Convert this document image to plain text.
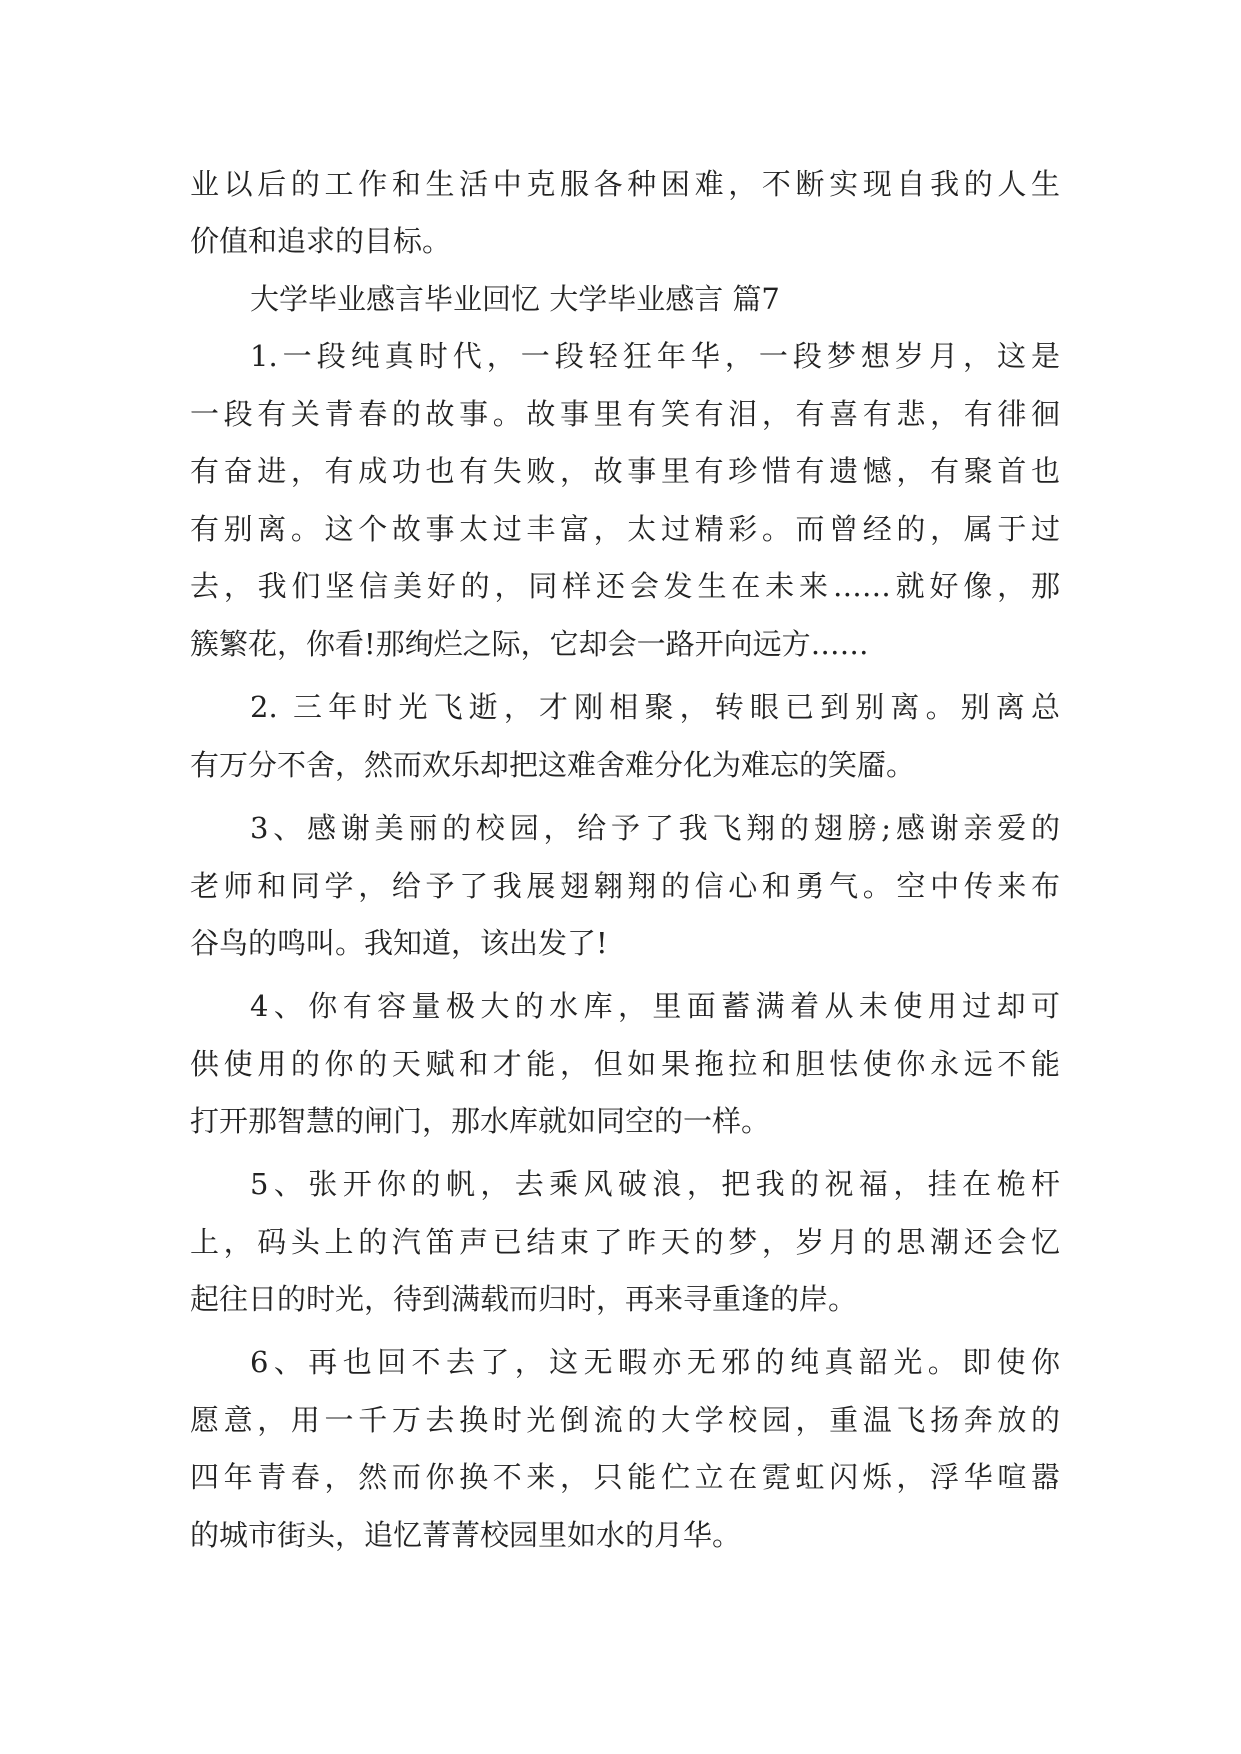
业以后的工作和生活中克服各种困难，不断实现自我的人生
价值和追求的目标。
大学毕业感言毕业回忆 大学毕业感言 篇7
1.一段纯真时代，一段轻狂年华，一段梦想岁月，这是
一段有关青春的故事。故事里有笑有泪，有喜有悲，有徘徊
有奋进，有成功也有失败，故事里有珍惜有遗憾，有聚首也
有别离。这个故事太过丰富，太过精彩。而曾经的，属于过
去，我们坚信美好的，同样还会发生在未来……就好像，那
簇繁花，你看!那绚烂之际，它却会一路开向远方……
2. 三年时光飞逝，才刚相聚，转眼已到别离。别离总
有万分不舍，然而欢乐却把这难舍难分化为难忘的笑靥。
3、感谢美丽的校园，给予了我飞翔的翅膀;感谢亲爱的
老师和同学，给予了我展翅翱翔的信心和勇气。空中传来布
谷鸟的鸣叫。我知道，该出发了!
4、你有容量极大的水库，里面蓄满着从未使用过却可
供使用的你的天赋和才能，但如果拖拉和胆怯使你永远不能
打开那智慧的闸门，那水库就如同空的一样。
5、张开你的帆，去乘风破浪，把我的祝福，挂在桅杆
上，码头上的汽笛声已结束了昨天的梦，岁月的思潮还会忆
起往日的时光，待到满载而归时，再来寻重逢的岸。
6、再也回不去了，这无暇亦无邪的纯真韶光。即使你
愿意，用一千万去换时光倒流的大学校园，重温飞扬奔放的
四年青春，然而你换不来，只能伫立在霓虹闪烁，浮华喧嚣
的城市街头，追忆菁菁校园里如水的月华。
